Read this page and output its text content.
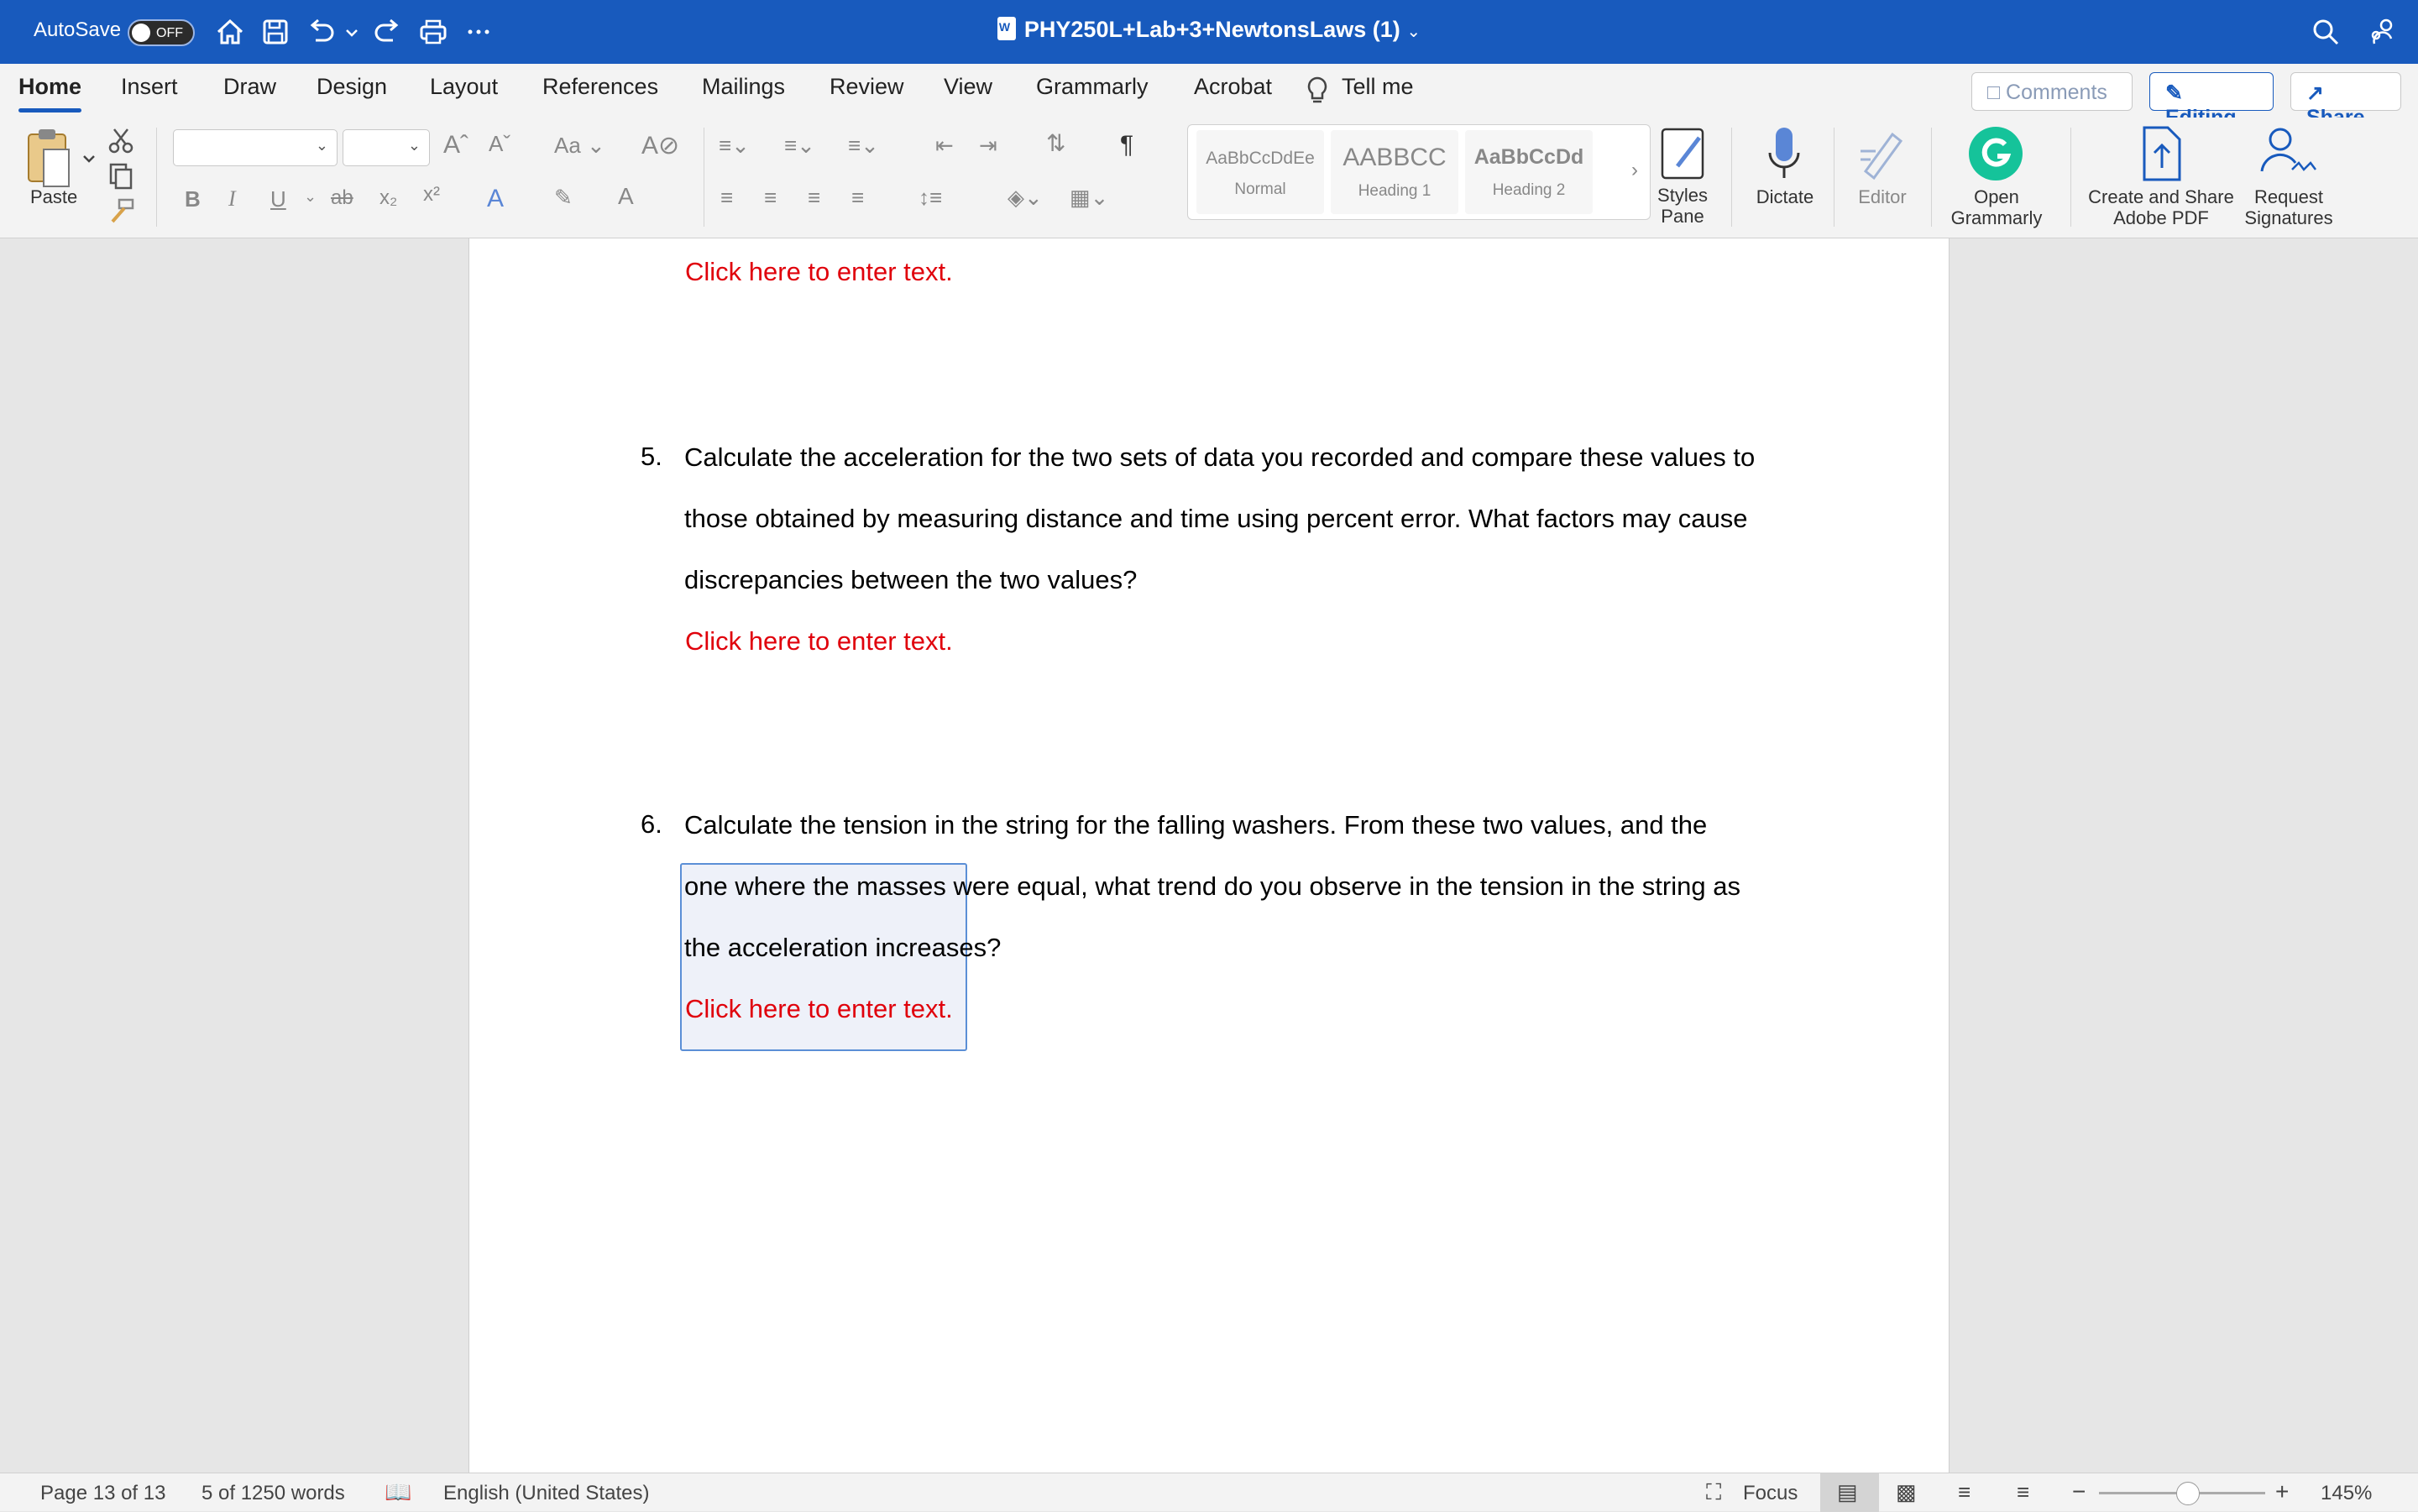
AutoSave	OFF
W	PHY250L+Lab+3+NewtonsLaws (1) ⌄
Home Insert Draw Design Layout References Mailings Review View Grammarly Acrobat	Tell me	□ Comments	✎	↗
Paste
⌄	⌄ Aˆ Aˇ Aa ⌄ A⊘
B I U ⌄ ab x₂ x² A ✎ A
≡⌄ ≡⌄ ≡⌄	⇤ ⇥ ⇅ ¶
≡ ≡ ≡ ≡ ↕≡	◈⌄ ▦⌄
AaBbCcDdEe
Normal
AABBCC
Heading 1
AaBbCcDd
Heading 2
›
Styles Pane
Dictate Editor	Open Grammarly
Create and Share Adobe PDF
Request Signatures
Click here to enter text.
5. Calculate the acceleration for the two sets of data you recorded and compare these values to
those obtained by measuring distance and time using percent error. What factors may cause
discrepancies between the two values?
Click here to enter text.
6. Calculate the tension in the string for the falling washers. From these two values, and the
one where the masses were equal, what trend do you observe in the tension in the string as
the acceleration increases?
Click here to enter text.
Page 13 of 13 5 of 1250 words 📖 English (United States)	⛶ Focus ▤ ▩ ≡ ≡ −	+ 145%
